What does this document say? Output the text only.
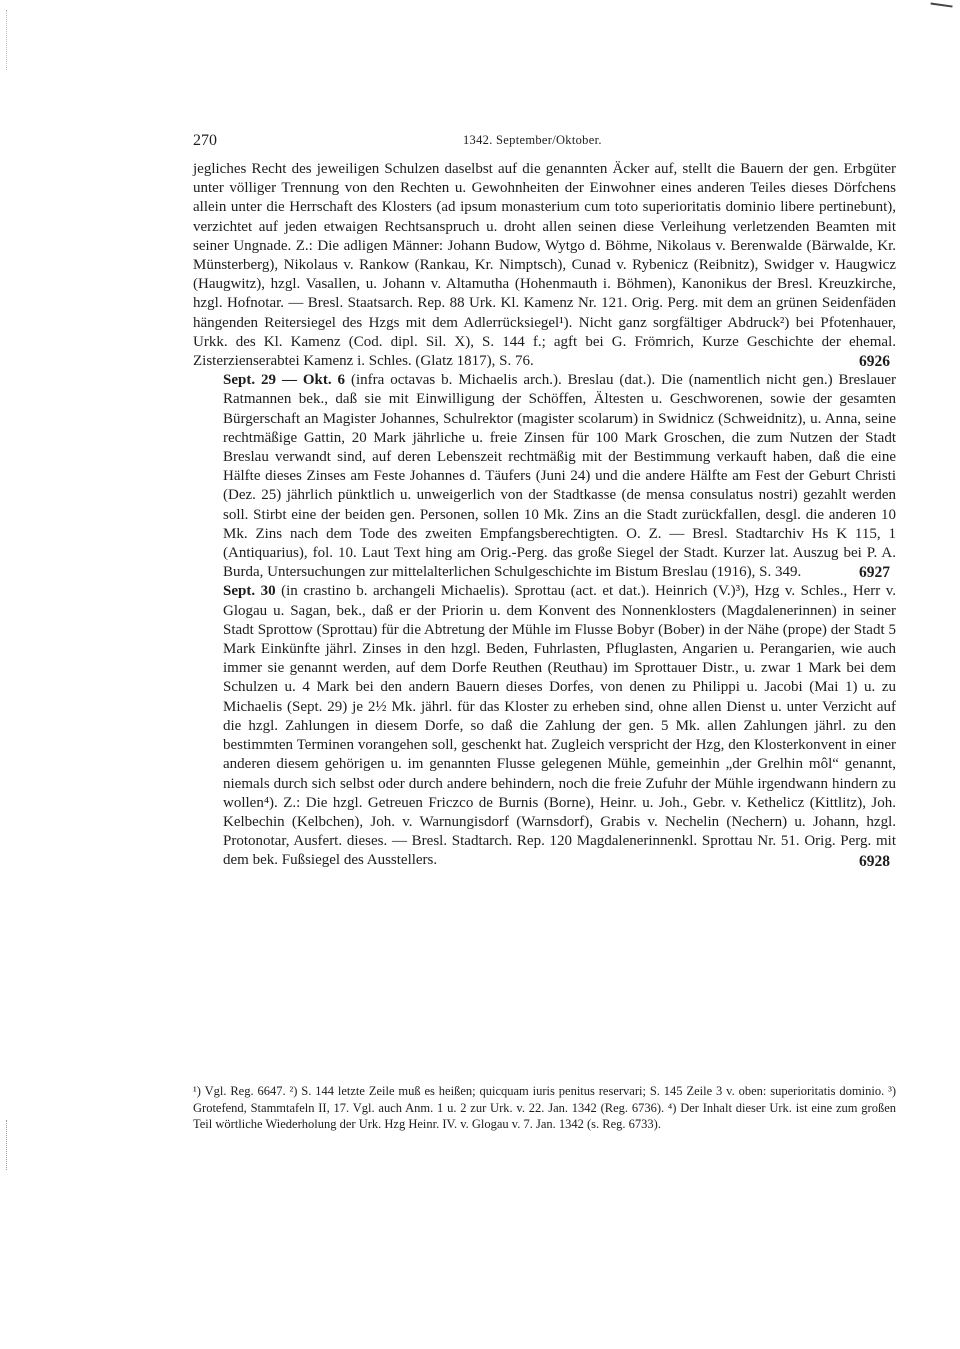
270	1342. September/Oktober.

jegliches Recht des jeweiligen Schulzen daselbst auf die genannten Äcker auf, stellt die Bauern der gen. Erbgüter unter völliger Trennung von den Rechten u. Gewohnheiten der Einwohner eines anderen Teiles dieses Dörfchens allein unter die Herrschaft des Klosters (ad ipsum monasterium cum toto superioritatis dominio libere pertinebunt), verzichtet auf jeden etwaigen Rechtsanspruch u. droht allen seinen diese Verleihung verletzenden Beamten mit seiner Ungnade. Z.: Die adligen Männer: Johann Budow, Wytgo d. Böhme, Nikolaus v. Berenwalde (Bärwalde, Kr. Münsterberg), Nikolaus v. Rankow (Rankau, Kr. Nimptsch), Cunad v. Rybenicz (Reibnitz), Swidger v. Haugwicz (Haugwitz), hzgl. Vasallen, u. Johann v. Altamutha (Hohenmauth i. Böhmen), Kanonikus der Bresl. Kreuzkirche, hzgl. Hofnotar. — Bresl. Staatsarch. Rep. 88 Urk. Kl. Kamenz Nr. 121. Orig. Perg. mit dem an grünen Seidenfäden hängenden Reitersiegel des Hzgs mit dem Adlerrücksiegel¹). Nicht ganz sorgfältiger Abdruck²) bei Pfotenhauer, Urkk. des Kl. Kamenz (Cod. dipl. Sil. X), S. 144 f.; agft bei G. Frömrich, Kurze Geschichte der ehemal. Zisterzienserabtei Kamenz i. Schles. (Glatz 1817), S. 76.	6926

Sept. 29 — Okt. 6 (infra octavas b. Michaelis arch.). Breslau (dat.). Die (namentlich nicht gen.) Breslauer Ratmannen bek., daß sie mit Einwilligung der Schöffen, Ältesten u. Geschworenen, sowie der gesamten Bürgerschaft an Magister Johannes, Schulrektor (magister scolarum) in Swidnicz (Schweidnitz), u. Anna, seine rechtmäßige Gattin, 20 Mark jährliche u. freie Zinsen für 100 Mark Groschen, die zum Nutzen der Stadt Breslau verwandt sind, auf deren Lebenszeit rechtmäßig mit der Bestimmung verkauft haben, daß die eine Hälfte dieses Zinses am Feste Johannes d. Täufers (Juni 24) und die andere Hälfte am Fest der Geburt Christi (Dez. 25) jährlich pünktlich u. unweigerlich von der Stadtkasse (de mensa consulatus nostri) gezahlt werden soll. Stirbt eine der beiden gen. Personen, sollen 10 Mk. Zins an die Stadt zurückfallen, desgl. die anderen 10 Mk. Zins nach dem Tode des zweiten Empfangsberechtigten. O. Z. — Bresl. Stadtarchiv Hs K 115, 1 (Antiquarius), fol. 10. Laut Text hing am Orig.-Perg. das große Siegel der Stadt. Kurzer lat. Auszug bei P. A. Burda, Untersuchungen zur mittelalterlichen Schulgeschichte im Bistum Breslau (1916), S. 349.	6927

Sept. 30 (in crastino b. archangeli Michaelis). Sprottau (act. et dat.). Heinrich (V.)³), Hzg v. Schles., Herr v. Glogau u. Sagan, bek., daß er der Priorin u. dem Konvent des Nonnenklosters (Magdalenerinnen) in seiner Stadt Sprottow (Sprottau) für die Abtretung der Mühle im Flusse Bobyr (Bober) in der Nähe (prope) der Stadt 5 Mark Einkünfte jährl. Zinses in den hzgl. Beden, Fuhrlasten, Pfluglasten, Angarien u. Perangarien, wie auch immer sie genannt werden, auf dem Dorfe Reuthen (Reuthau) im Sprottauer Distr., u. zwar 1 Mark bei dem Schulzen u. 4 Mark bei den andern Bauern dieses Dorfes, von denen zu Philippi u. Jacobi (Mai 1) u. zu Michaelis (Sept. 29) je 2½ Mk. jährl. für das Kloster zu erheben sind, ohne allen Dienst u. unter Verzicht auf die hzgl. Zahlungen in diesem Dorfe, so daß die Zahlung der gen. 5 Mk. allen Zahlungen jährl. zu den bestimmten Terminen vorangehen soll, geschenkt hat. Zugleich verspricht der Hzg, den Klosterkonvent in einer anderen diesem gehörigen u. im genannten Flusse gelegenen Mühle, gemeinhin „der Grelhin môl“ genannt, niemals durch sich selbst oder durch andere behindern, noch die freie Zufuhr der Mühle irgendwann hindern zu wollen⁴). Z.: Die hzgl. Getreuen Friczco de Burnis (Borne), Heinr. u. Joh., Gebr. v. Kethelicz (Kittlitz), Joh. Kelbechin (Kelbchen), Joh. v. Warnungisdorf (Warnsdorf), Grabis v. Nechelin (Nechern) u. Johann, hzgl. Protonotar, Ausfert. dieses. — Bresl. Stadtarch. Rep. 120 Magdalenerinnenkl. Sprottau Nr. 51. Orig. Perg. mit dem bek. Fußsiegel des Ausstellers.	6928

¹) Vgl. Reg. 6647. ²) S. 144 letzte Zeile muß es heißen; quicquam iuris penitus reservari; S. 145 Zeile 3 v. oben: superioritatis dominio. ³) Grotefend, Stammtafeln II, 17. Vgl. auch Anm. 1 u. 2 zur Urk. v. 22. Jan. 1342 (Reg. 6736). ⁴) Der Inhalt dieser Urk. ist eine zum großen Teil wörtliche Wiederholung der Urk. Hzg Heinr. IV. v. Glogau v. 7. Jan. 1342 (s. Reg. 6733).
